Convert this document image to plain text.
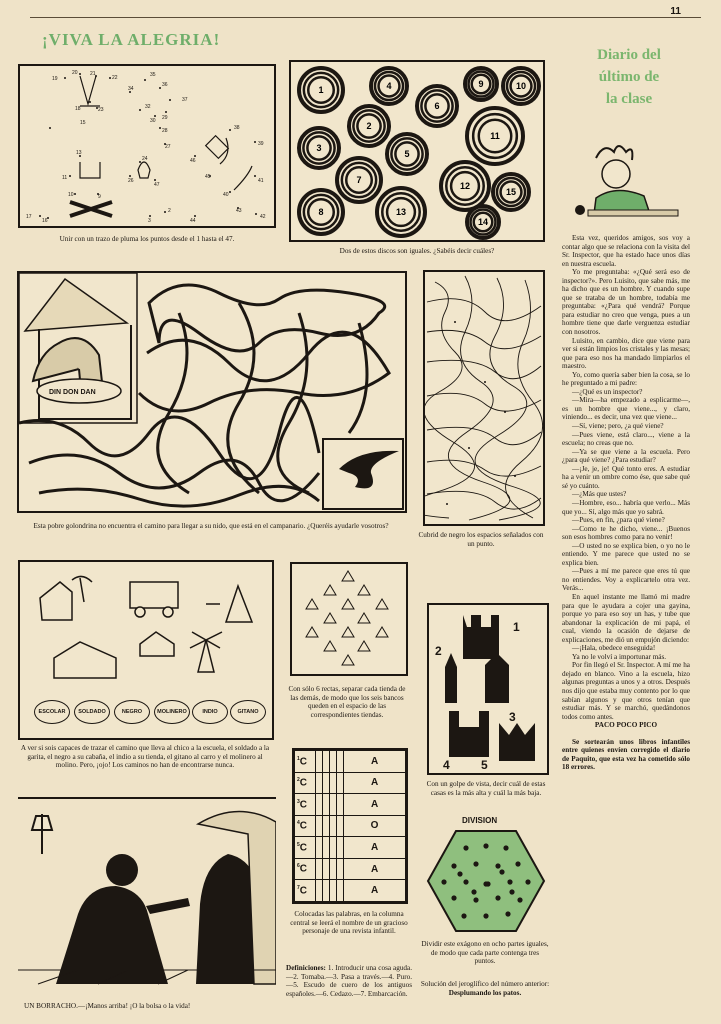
11
¡VIVA LA ALEGRIA!
Diario del
último de
la clase
19
20 21
22
18	23
34
35
36
37
32
30 29
28
27
38
39
46
45
41
40
42
43
44
3
2
17
16
13
11
10	9
24
26
47
15
Unir con un trazo de pluma los puntos desde el 1 hasta el 47.
1	4
6
9	10
2
11
3
5
7
12
15
8	13
14
Dos de estos discos son iguales. ¿Sabéis decir cuáles?
DIN DON DAN
Esta pobre golondrina no encuentra el camino para llegar a su nido, que está en el campanario. ¿Queréis ayudarle vosotros?
Cubrid de negro los espacios señalados con un punto.
ESCOLAR	SOLDADO	NEGRO	MOLINERO	INDIO	GITANO
A ver si sois capaces de trazar el camino que lleva al chico a la escuela, el soldado a la garita, el negro a su cabaña, el indio a su tienda, el gitano al carro y el molinero al molino. Pero, ¡ojo! Los caminos no han de encontrarse nunca.
Con sólo 6 rectas, separar cada tienda de las demás, de modo que los seis bancos queden en el espacio de las correspondientes tiendas.
1
2
3
4	5
Con un golpe de vista, decir cuál de estas casas es la más alta y cuál la más baja.
$^1$C					A
$^2$C					A
$^3$C					A
$^4$C					O
$^5$C					A
$^6$C					A
$^7$C					A
Colocadas las palabras, en la columna central se leerá el nombre de un gracioso personaje de una revista infantil.
Definiciones: 1. Introducir una cosa aguda.—2. Tomaba.—3. Pasa a través.—4. Puro.—5. Escudo de cuero de los antiguos españoles.—6. Cedazo.—7. Embarcación.
DIVISION
Dividir este exágono en ocho partes iguales, de modo que cada parte contenga tres puntos.
Solución del jeroglífico del número anterior:
Desplumando los patos.
UN BORRACHO.—¡Manos arriba! ¡O la bolsa o la vida!

Esta vez, queridos amigos, sos voy a contar algo que se relaciona con la visita del Sr. Inspector, que ha estado hace unos días en nuestra escuela.

Yo me preguntaba: «¿Qué será eso de inspector?». Pero Luisito, que sabe más, me ha dicho que es un hombre. Y cuando supe que se trataba de un hombre, todabía me preguntaba: «¿Para qué vendrá? Porque para estudiar no creo que venga, pues a un hombre tiene que darle verguenza estudiar con nosotros.

Luisito, en cambio, dice que viene para ver si están limpios los cristales y las mesas; que para eso nos ha mandado limpiarlos el maestro.

Yo, como quería saber bien la cosa, se lo he preguntado a mi padre:

—¿Qué es un inspector?

—Mira—ha empezado a esplicarme—, es un hombre que viene..., y claro, viniendo... es decir, una vez que viene...

—Sí, viene; pero, ¿a qué viene?

—Pues viene, está claro..., viene a la escuela; no creas que no.

—Ya se que viene a la escuela. Pero ¿para qué viene? ¿Para estudiar?

—¡Je, je, je! Qué tonto eres. A estudiar ha a venir un ombre como ése, que sabe qué sé yo cuánto.

—¿Más que ustes?

—Hombre, eso... habría que verlo... Más que yo... Sí, algo más que yo sabrá.

—Pues, en fin, ¿para qué viene?

—Como te he dicho, viene... ¡Buenos son esos hombres como para no venir!

—O usted no se explica bien, o yo no le entiendo. Y me parece que usted no se explica bien.

—Pues a mí me parece que eres tú que no entiendes. Voy a explicartelo otra vez. Verás...

En aquel instante me llamó mi madre para que le ayudara a cojer una gayina, porque yo para eso soy un has, y tube que abandonar la explicación de mi papá, el cual, viendo la ocasión de dejarse de explicaciones, me dió un empujón diciendo:

—¡Hala, obedece enseguida!

Ya no le volví a importunar más.

Por fin llegó el Sr. Inspector. A mí me ha dejado en blanco. Vino a la escuela, hizo algunas preguntas a unos y a otros. Después nos dijo que estaba muy contento por lo que sabían algunos y que otros tenían que estudiar más. Y se marchó, quedándonos todos como antes.

PACO POCO PICO

Se sortearán unos libros infantiles entre quienes envíen corregido el diario de Paquito, que esta vez ha cometido sólo 18 errores.
